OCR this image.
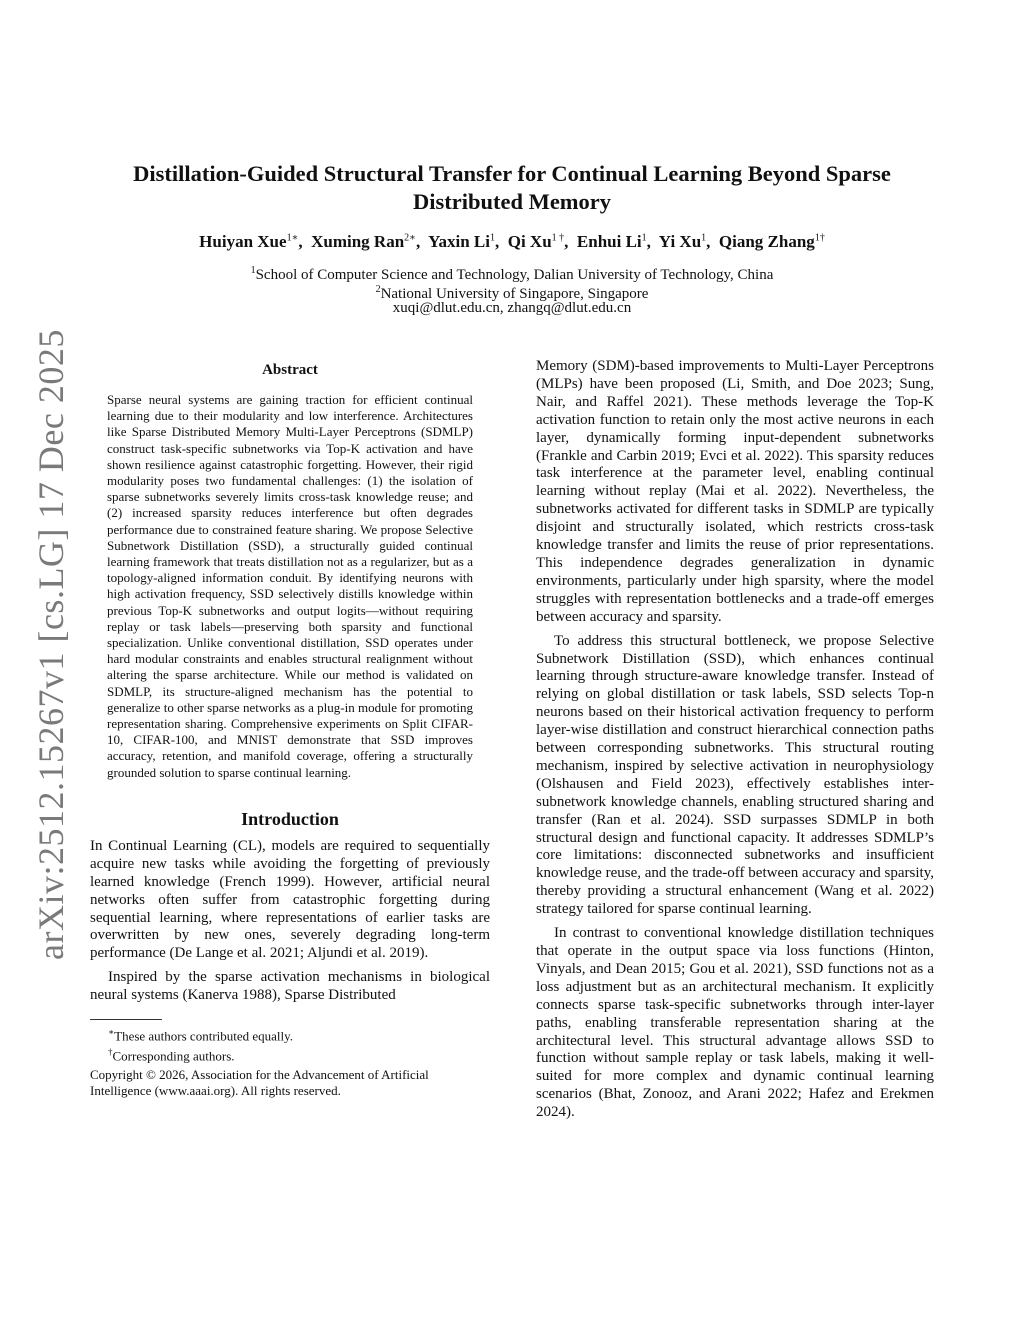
arXiv:2512.15267v1 [cs.LG] 17 Dec 2025
Distillation-Guided Structural Transfer for Continual Learning Beyond Sparse Distributed Memory
Huiyan Xue$^{1∗}$,  Xuming Ran$^{2∗}$,  Yaxin Li$^1$,  Qi $Xu^{1 \dagger}$,  Enhui Li$^1$,  Yi Xu$^1$,  Qiang Zhang$^{1\dagger}$
$^1$School of Computer Science and Technology, Dalian University of Technology, China
$^2$National University of Singapore, Singapore
xuqi@dlut.edu.cn, zhangq@dlut.edu.cn
Abstract

Sparse neural systems are gaining traction for efficient continual learning due to their modularity and low interference. Architectures like Sparse Distributed Memory Multi-Layer Perceptrons (SDMLP) construct task-specific subnetworks via Top-K activation and have shown resilience against catastrophic forgetting. However, their rigid modularity poses two fundamental challenges: (1) the isolation of sparse subnetworks severely limits cross-task knowledge reuse; and (2) increased sparsity reduces interference but often degrades performance due to constrained feature sharing. We propose Selective Subnetwork Distillation (SSD), a structurally guided continual learning framework that treats distillation not as a regularizer, but as a topology-aligned information conduit. By identifying neurons with high activation frequency, SSD selectively distills knowledge within previous Top-K subnetworks and output logits—without requiring replay or task labels—preserving both sparsity and functional specialization. Unlike conventional distillation, SSD operates under hard modular constraints and enables structural realignment without altering the sparse architecture. While our method is validated on SDMLP, its structure-aligned mechanism has the potential to generalize to other sparse networks as a plug-in module for promoting representation sharing. Comprehensive experiments on Split CIFAR-10, CIFAR-100, and MNIST demonstrate that SSD improves accuracy, retention, and manifold coverage, offering a structurally grounded solution to sparse continual learning.

Introduction

In Continual Learning (CL), models are required to sequentially acquire new tasks while avoiding the forgetting of previously learned knowledge (French 1999). However, artificial neural networks often suffer from catastrophic forgetting during sequential learning, where representations of earlier tasks are overwritten by new ones, severely degrading long-term performance (De Lange et al. 2021; Aljundi et al. 2019).

Inspired by the sparse activation mechanisms in biological neural systems (Kanerva 1988), Sparse Distributed

∗These authors contributed equally.

†Corresponding authors.

Copyright © 2026, Association for the Advancement of Artificial Intelligence (www.aaai.org). All rights reserved.

Memory (SDM)-based improvements to Multi-Layer Perceptrons (MLPs) have been proposed (Li, Smith, and Doe 2023; Sung, Nair, and Raffel 2021). These methods leverage the Top-K activation function to retain only the most active neurons in each layer, dynamically forming input-dependent subnetworks (Frankle and Carbin 2019; Evci et al. 2022). This sparsity reduces task interference at the parameter level, enabling continual learning without replay (Mai et al. 2022). Nevertheless, the subnetworks activated for different tasks in SDMLP are typically disjoint and structurally isolated, which restricts cross-task knowledge transfer and limits the reuse of prior representations. This independence degrades generalization in dynamic environments, particularly under high sparsity, where the model struggles with representation bottlenecks and a trade-off emerges between accuracy and sparsity.

To address this structural bottleneck, we propose Selective Subnetwork Distillation (SSD), which enhances continual learning through structure-aware knowledge transfer. Instead of relying on global distillation or task labels, SSD selects Top-n neurons based on their historical activation frequency to perform layer-wise distillation and construct hierarchical connection paths between corresponding subnetworks. This structural routing mechanism, inspired by selective activation in neurophysiology (Olshausen and Field 2023), effectively establishes inter-subnetwork knowledge channels, enabling structured sharing and transfer (Ran et al. 2024). SSD surpasses SDMLP in both structural design and functional capacity. It addresses SDMLP’s core limitations: disconnected subnetworks and insufficient knowledge reuse, and the trade-off between accuracy and sparsity, thereby providing a structural enhancement (Wang et al. 2022) strategy tailored for sparse continual learning.

In contrast to conventional knowledge distillation techniques that operate in the output space via loss functions (Hinton, Vinyals, and Dean 2015; Gou et al. 2021), SSD functions not as a loss adjustment but as an architectural mechanism. It explicitly connects sparse task-specific subnetworks through inter-layer paths, enabling transferable representation sharing at the architectural level. This structural advantage allows SSD to function without sample replay or task labels, making it well-suited for more complex and dynamic continual learning scenarios (Bhat, Zonooz, and Arani 2022; Hafez and Erekmen 2024).
